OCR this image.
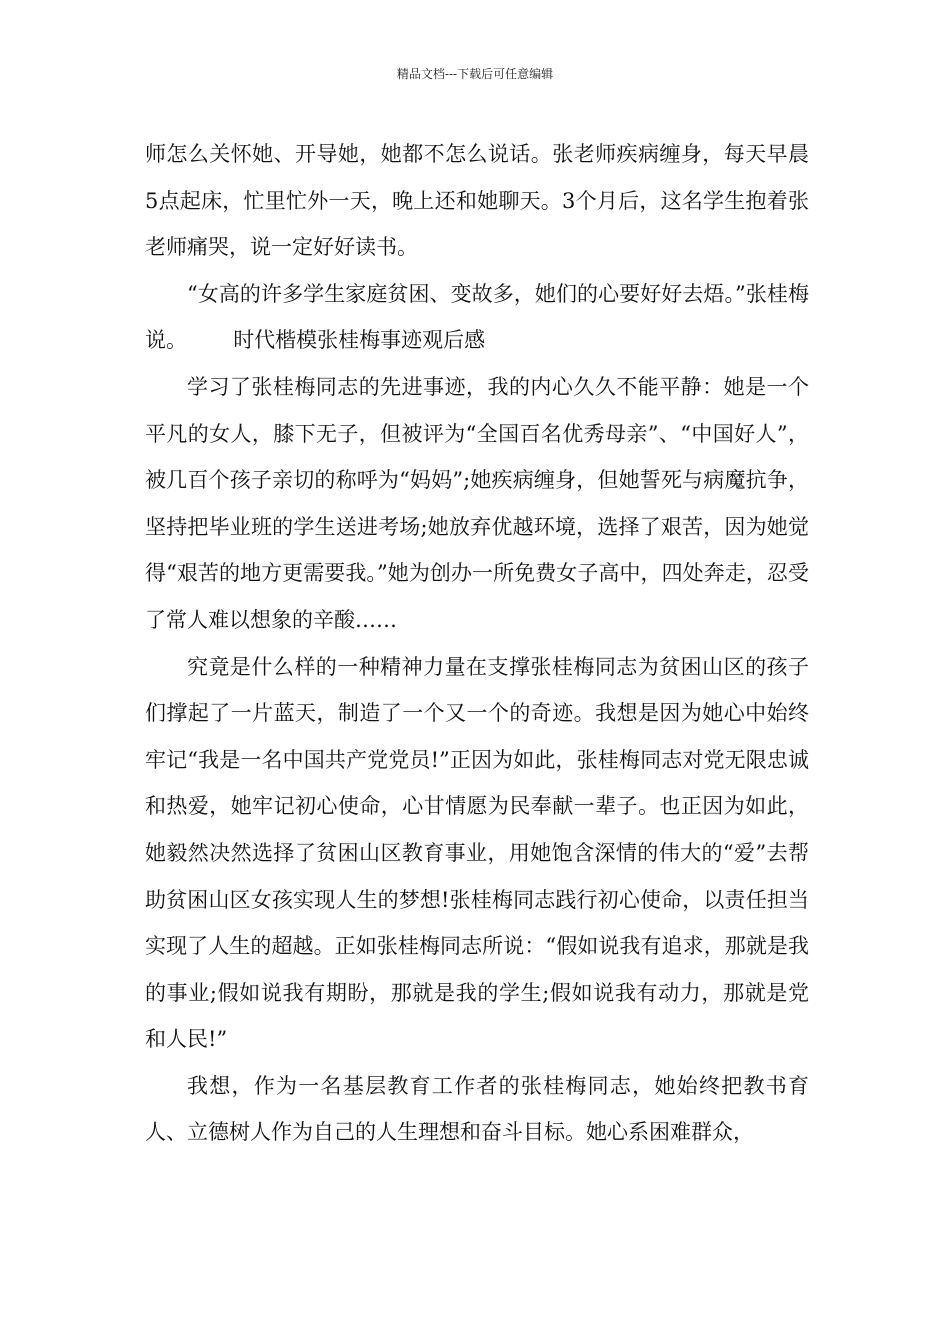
精品文档---下载后可任意编辑

师怎么关怀她、开导她，她都不怎么说话。张老师疾病缠身，每天早晨5点起床，忙里忙外一天，晚上还和她聊天。3个月后，这名学生抱着张老师痛哭，说一定好好读书。

“女高的许多学生家庭贫困、变故多，她们的心要好好去焐。”张桂梅说。 时代楷模张桂梅事迹观后感

学习了张桂梅同志的先进事迹，我的内心久久不能平静：她是一个平凡的女人，膝下无子，但被评为“全国百名优秀母亲”、“中国好人”，被几百个孩子亲切的称呼为“妈妈”;她疾病缠身，但她誓死与病魔抗争，坚持把毕业班的学生送进考场;她放弃优越环境，选择了艰苦，因为她觉得“艰苦的地方更需要我。”她为创办一所免费女子高中，四处奔走，忍受了常人难以想象的辛酸……

究竟是什么样的一种精神力量在支撑张桂梅同志为贫困山区的孩子们撑起了一片蓝天，制造了一个又一个的奇迹。我想是因为她心中始终牢记“我是一名中国共产党党员!”正因为如此，张桂梅同志对党无限忠诚和热爱，她牢记初心使命，心甘情愿为民奉献一辈子。也正因为如此，她毅然决然选择了贫困山区教育事业，用她饱含深情的伟大的“爱”去帮助贫困山区女孩实现人生的梦想!张桂梅同志践行初心使命，以责任担当实现了人生的超越。正如张桂梅同志所说：“假如说我有追求，那就是我的事业;假如说我有期盼，那就是我的学生;假如说我有动力，那就是党和人民!”

我想，作为一名基层教育工作者的张桂梅同志，她始终把教书育人、立德树人作为自己的人生理想和奋斗目标。她心系困难群众，
